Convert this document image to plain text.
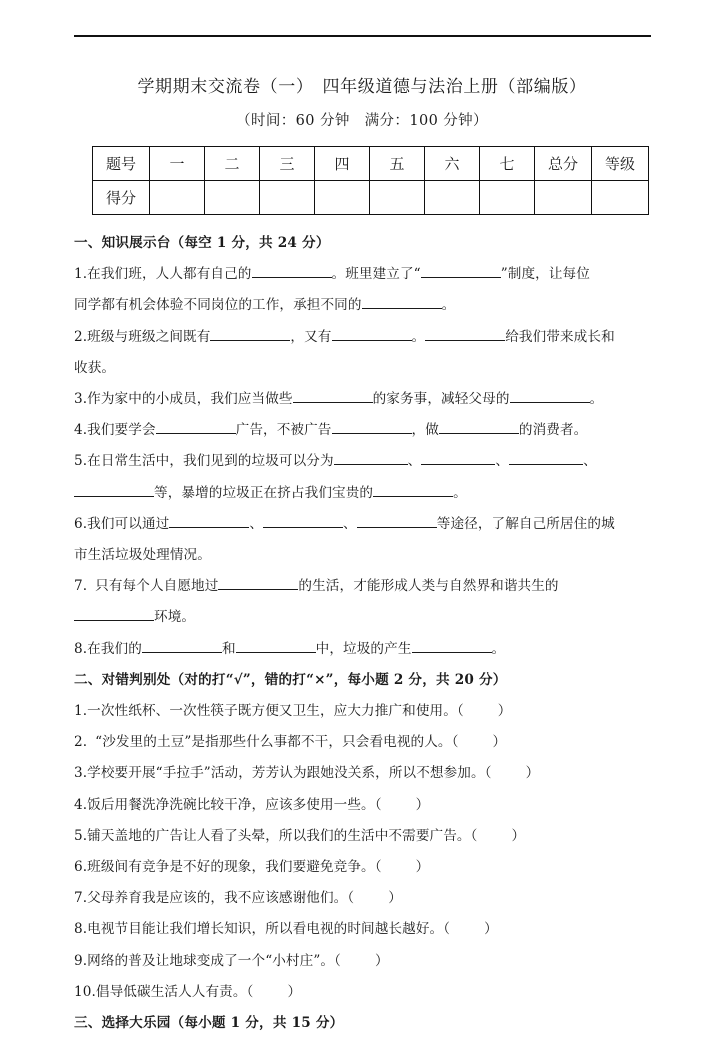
学期期末交流卷（一）　四年级道德与法治上册（部编版）
（时间：60 分钟　满分：100 分钟）
题号	一	二	三	四	五	六	七	总分	等级
得分									
一、知识展示台（每空 1 分，共 24 分）
1.在我们班，人人都有自己的	。班里建立了“	”制度，让每位
同学都有机会体验不同岗位的工作，承担不同的	。
2.班级与班级之间既有	，又有	。	给我们带来成长和
收获。
3.作为家中的小成员，我们应当做些	的家务事，减轻父母的	。
4.我们要学会	广告，不被广告	，做	的消费者。
5.在日常生活中，我们见到的垃圾可以分为	、	、	、
等，暴增的垃圾正在挤占我们宝贵的	。
6.我们可以通过	、	、	等途径，了解自己所居住的城
市生活垃圾处理情况。
7. 只有每个人自愿地过	的生活，才能形成人类与自然界和谐共生的
环境。
8.在我们的	和	中，垃圾的产生	。
二、对错判别处（对的打“√”，错的打“×”，每小题 2 分，共 20 分）
1.一次性纸杯、一次性筷子既方便又卫生，应大力推广和使用。（	）
2. “沙发里的土豆”是指那些什么事都不干，只会看电视的人。（	）
3.学校要开展“手拉手”活动，芳芳认为跟她没关系，所以不想参加。（	）
4.饭后用餐洗净洗碗比较干净，应该多使用一些。（	）
5.铺天盖地的广告让人看了头晕，所以我们的生活中不需要广告。（	）
6.班级间有竞争是不好的现象，我们要避免竞争。（	）
7.父母养育我是应该的，我不应该感谢他们。（	）
8.电视节目能让我们增长知识，所以看电视的时间越长越好。（	）
9.网络的普及让地球变成了一个“小村庄”。（	）
10.倡导低碳生活人人有责。（	）
三、选择大乐园（每小题 1 分，共 15 分）
